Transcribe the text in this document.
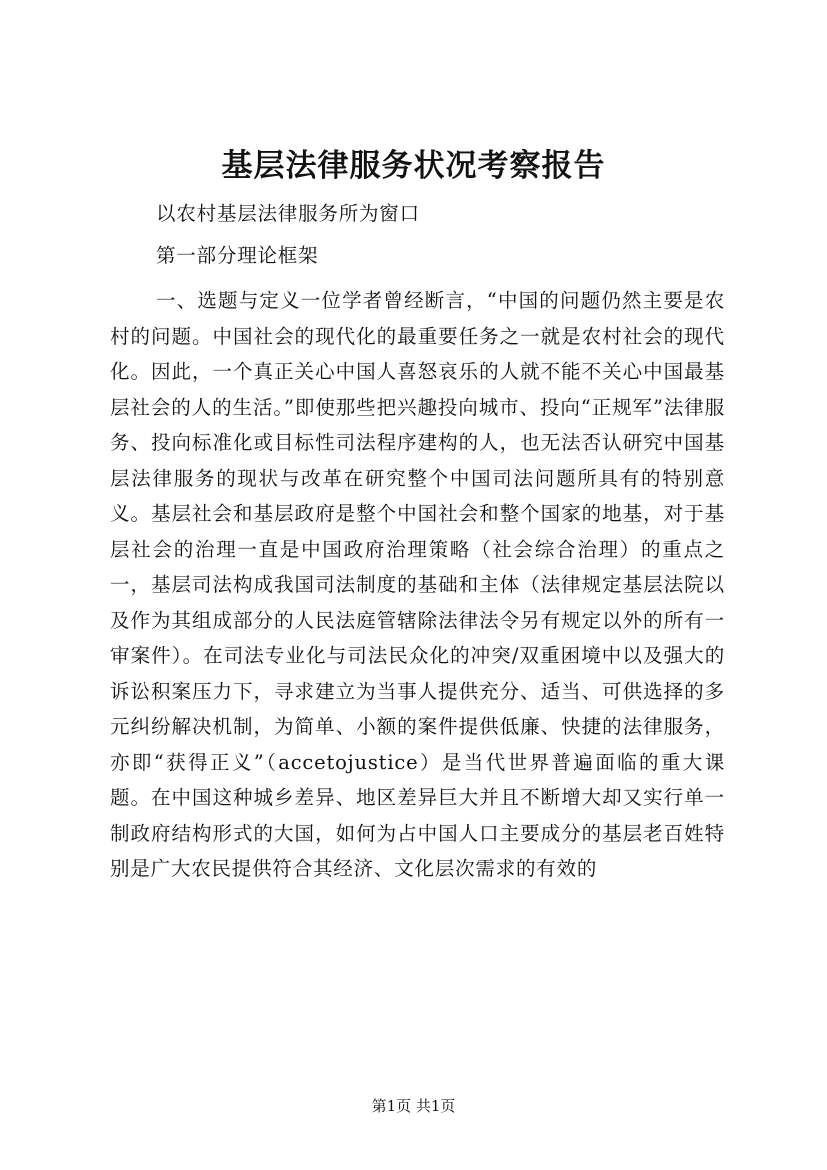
基层法律服务状况考察报告
以农村基层法律服务所为窗口
第一部分理论框架
一、选题与定义一位学者曾经断言，“中国的问题仍然主要是农村的问题。中国社会的现代化的最重要任务之一就是农村社会的现代化。因此，一个真正关心中国人喜怒哀乐的人就不能不关心中国最基层社会的人的生活。”即使那些把兴趣投向城市、投向“正规军”法律服务、投向标准化或目标性司法程序建构的人，也无法否认研究中国基层法律服务的现状与改革在研究整个中国司法问题所具有的特别意义。基层社会和基层政府是整个中国社会和整个国家的地基，对于基层社会的治理一直是中国政府治理策略（社会综合治理）的重点之一，基层司法构成我国司法制度的基础和主体（法律规定基层法院以及作为其组成部分的人民法庭管辖除法律法令另有规定以外的所有一审案件）。在司法专业化与司法民众化的冲突/双重困境中以及强大的诉讼积案压力下，寻求建立为当事人提供充分、适当、可供选择的多元纠纷解决机制，为简单、小额的案件提供低廉、快捷的法律服务，亦即“获得正义”（accetojustice）是当代世界普遍面临的重大课题。在中国这种城乡差异、地区差异巨大并且不断增大却又实行单一制政府结构形式的大国，如何为占中国人口主要成分的基层老百姓特别是广大农民提供符合其经济、文化层次需求的有效的
第1页 共1页
